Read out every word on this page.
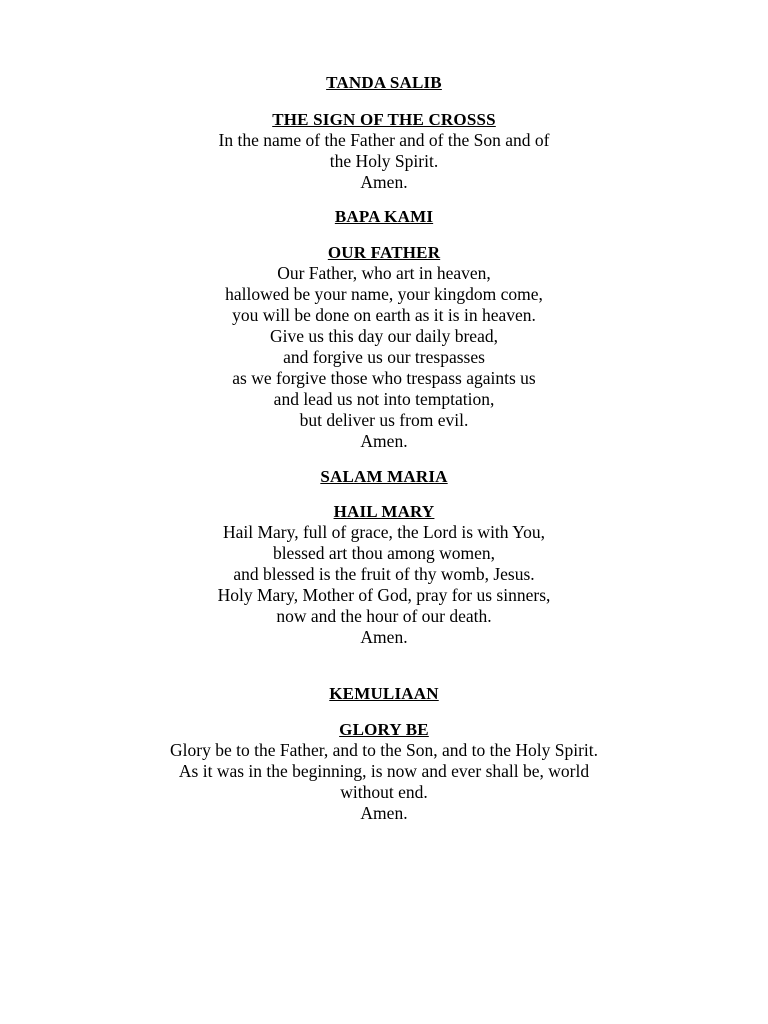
TANDA SALIB
THE SIGN OF THE CROSSS
In the name of the Father and of the Son and of
the Holy Spirit.
Amen.
BAPA KAMI
OUR FATHER
Our Father, who art in heaven,
hallowed be your name, your kingdom come,
you will be done on earth as it is in heaven.
Give us this day our daily bread,
and forgive us our trespasses
as we forgive those who trespass againts us
and lead us not into temptation,
but deliver us from evil.
Amen.
SALAM MARIA
HAIL MARY
Hail Mary, full of grace, the Lord is with You,
blessed art thou among women,
and blessed is the fruit of thy womb, Jesus.
Holy Mary, Mother of God, pray for us sinners,
now and the hour of our death.
Amen.
KEMULIAAN
GLORY BE
Glory be to the Father, and to the Son, and to the Holy Spirit.
As it was in the beginning, is now and ever shall be, world
without end.
Amen.
